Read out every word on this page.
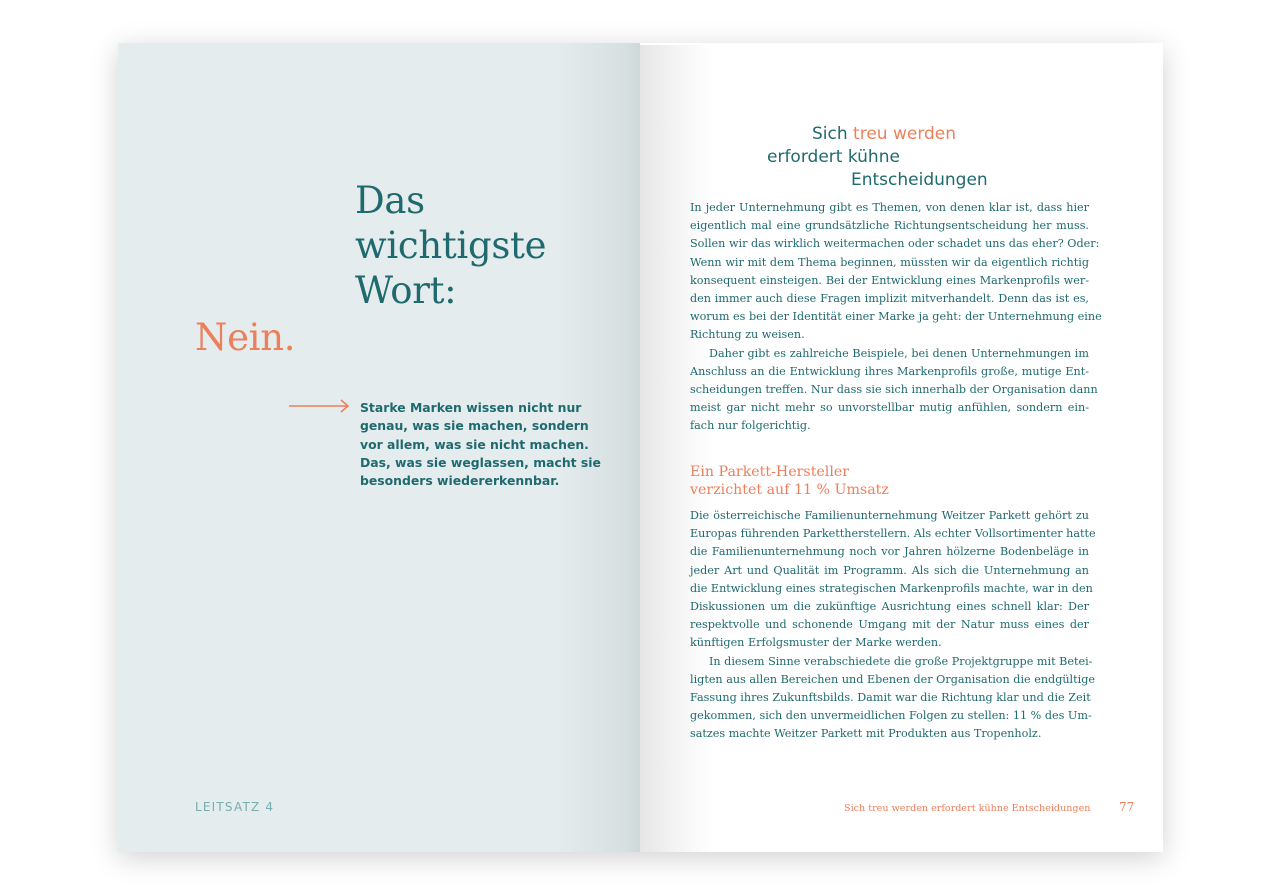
Das
wichtigste
Wort:
Nein.
Starke Marken wissen nicht nur
genau, was sie machen, sondern
vor allem, was sie nicht machen.
Das, was sie weglassen, macht sie
besonders wiedererkennbar.
LEITSATZ 4
Sich treu werden
erfordert kühne
Entscheidungen
In jeder Unternehmung gibt es Themen, von denen klar ist, dass hier
eigentlich mal eine grundsätzliche Richtungsentscheidung her muss.
Sollen wir das wirklich weitermachen oder schadet uns das eher? Oder:
Wenn wir mit dem Thema beginnen, müssten wir da eigentlich richtig
konsequent einsteigen. Bei der Entwicklung eines Markenprofils wer-
den immer auch diese Fragen implizit mitverhandelt. Denn das ist es,
worum es bei der Identität einer Marke ja geht: der Unternehmung eine
Richtung zu weisen.
Daher gibt es zahlreiche Beispiele, bei denen Unternehmungen im
Anschluss an die Entwicklung ihres Markenprofils große, mutige Ent-
scheidungen treffen. Nur dass sie sich innerhalb der Organisation dann
meist gar nicht mehr so unvorstellbar mutig anfühlen, sondern ein-
fach nur folgerichtig.
Ein Parkett-Hersteller
verzichtet auf 11 % Umsatz
Die österreichische Familienunternehmung Weitzer Parkett gehört zu
Europas führenden Parkettherstellern. Als echter Vollsortimenter hatte
die Familienunternehmung noch vor Jahren hölzerne Bodenbeläge in
jeder Art und Qualität im Programm. Als sich die Unternehmung an
die Entwicklung eines strategischen Markenprofils machte, war in den
Diskussionen um die zukünftige Ausrichtung eines schnell klar: Der
respektvolle und schonende Umgang mit der Natur muss eines der
künftigen Erfolgsmuster der Marke werden.
In diesem Sinne verabschiedete die große Projektgruppe mit Betei-
ligten aus allen Bereichen und Ebenen der Organisation die endgültige
Fassung ihres Zukunftsbilds. Damit war die Richtung klar und die Zeit
gekommen, sich den unvermeidlichen Folgen zu stellen: 11 % des Um-
satzes machte Weitzer Parkett mit Produkten aus Tropenholz.
Sich treu werden erfordert kühne Entscheidungen 77
